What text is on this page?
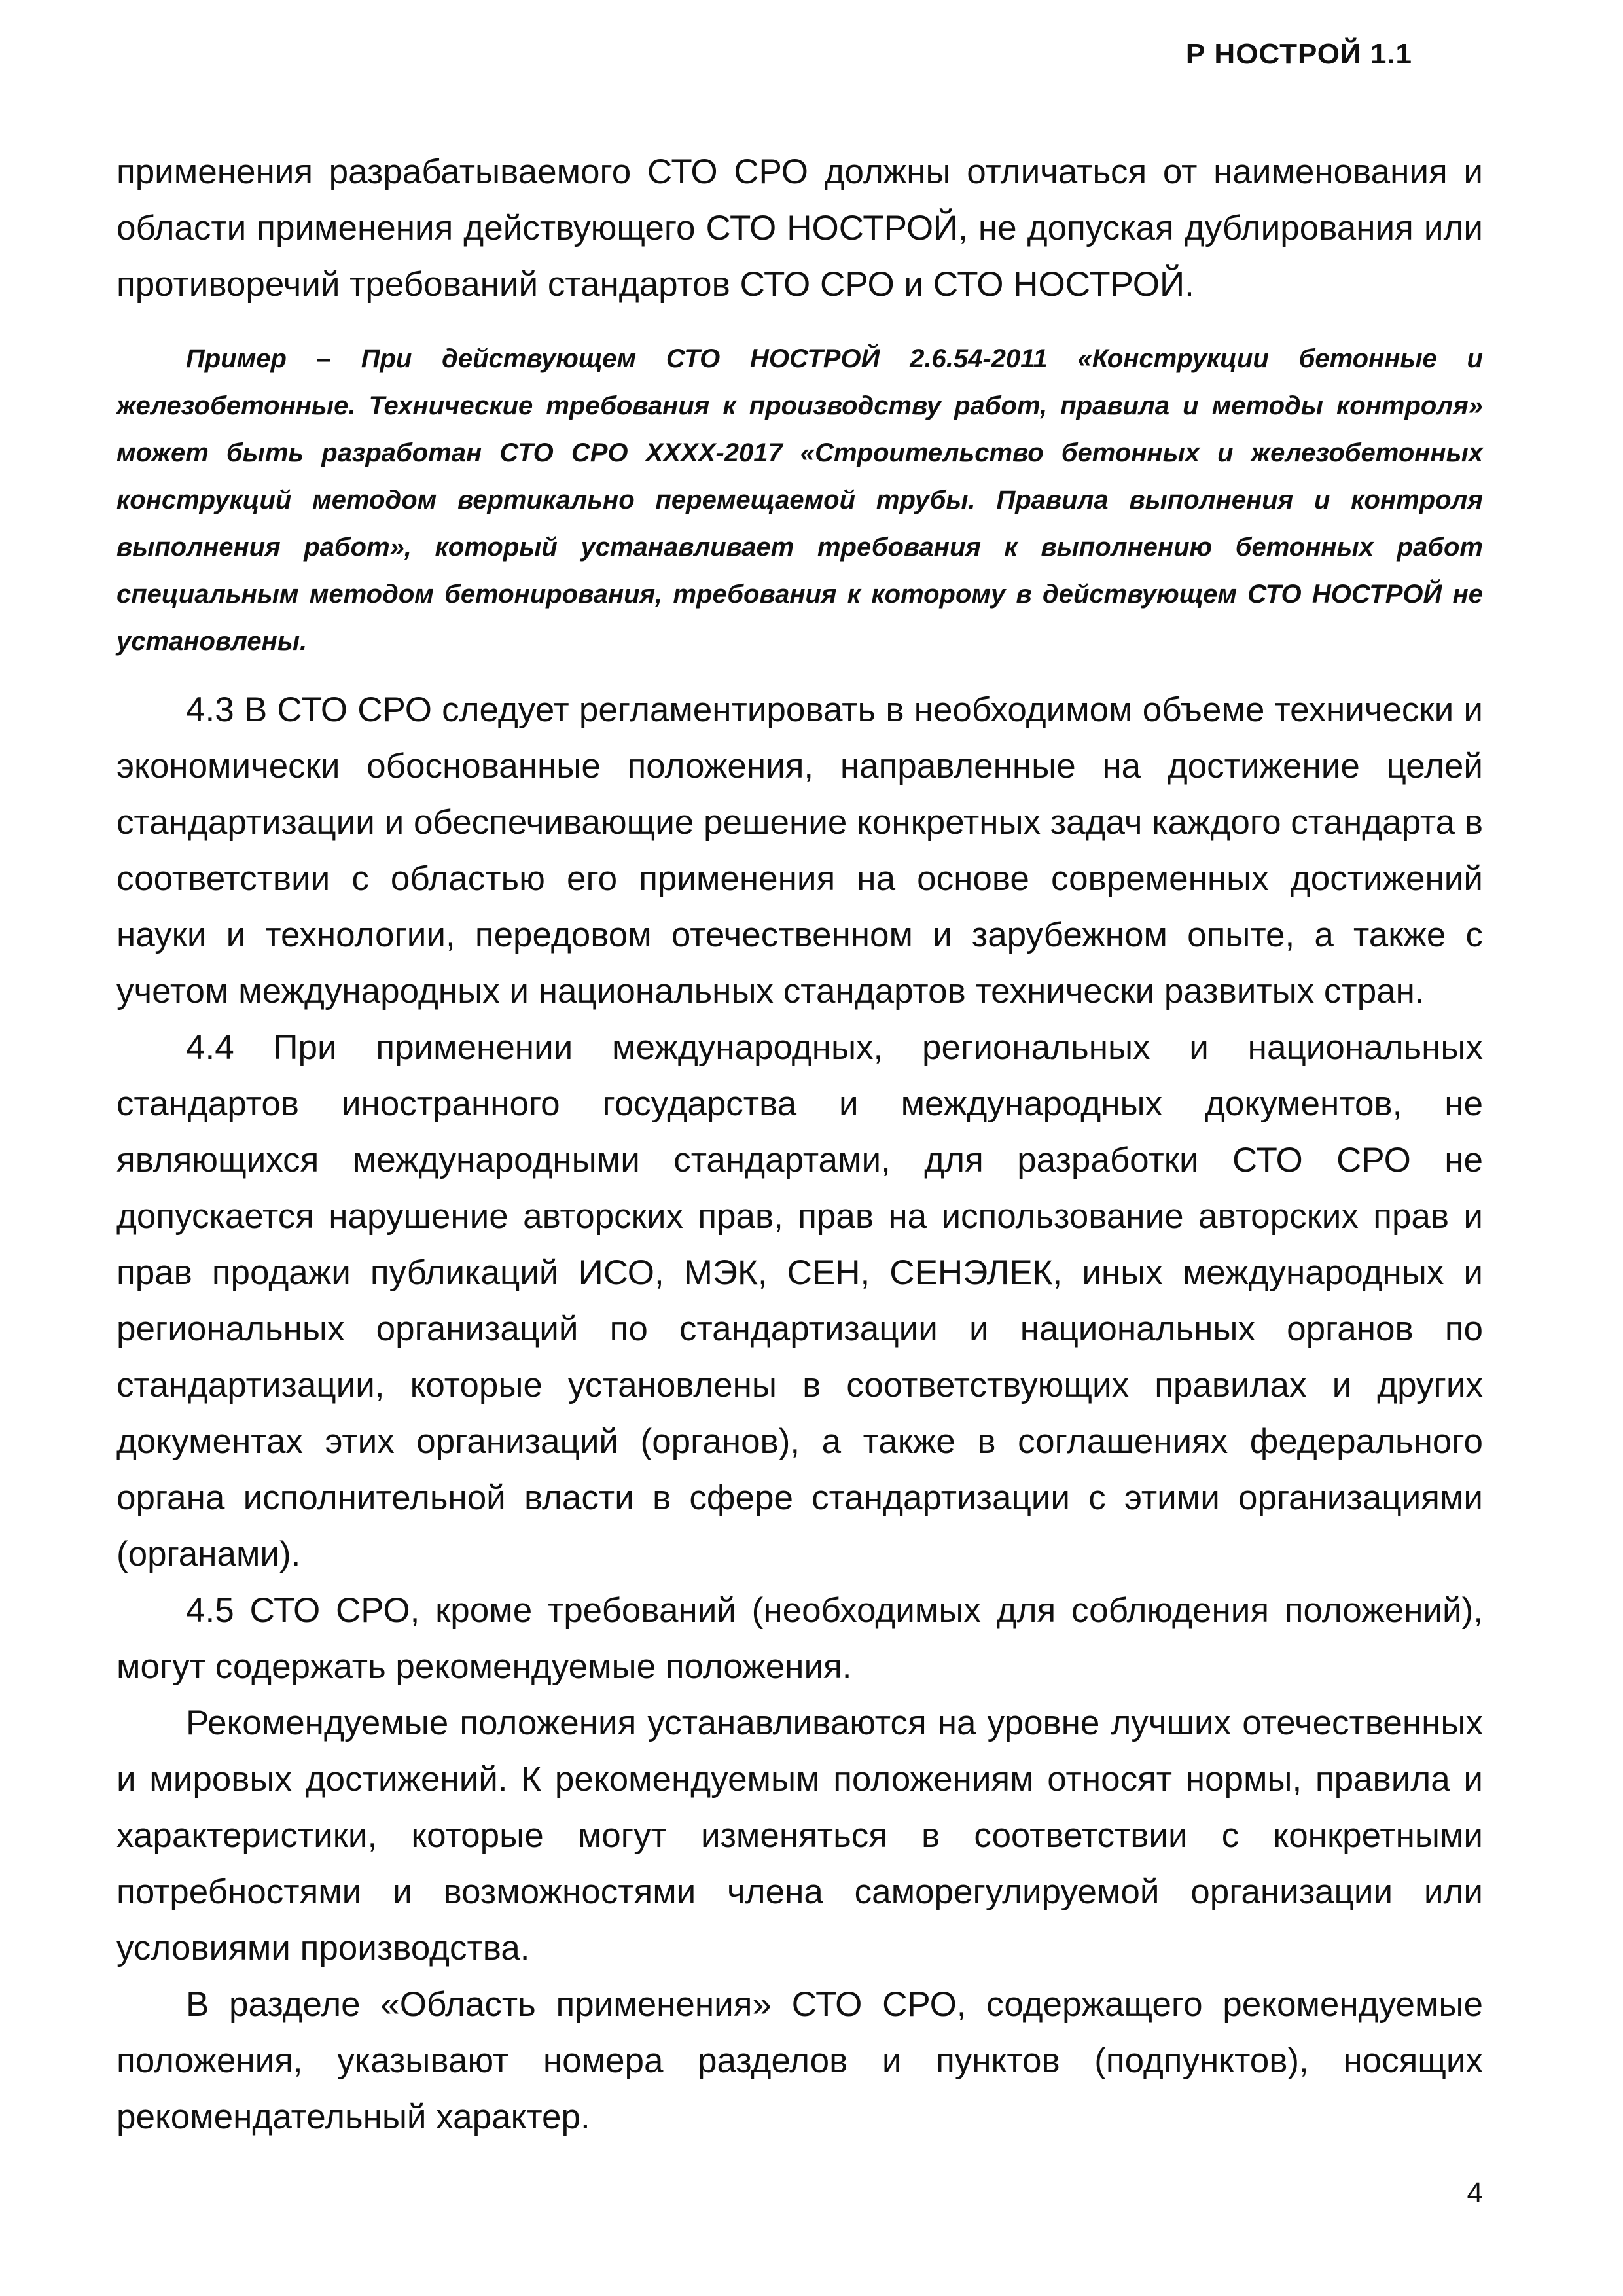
Р НОСТРОЙ 1.1

применения разрабатываемого СТО СРО должны отличаться от наименования и области применения действующего СТО НОСТРОЙ, не допуская дублирования или противоречий требований стандартов СТО СРО и СТО НОСТРОЙ.

Пример – При действующем СТО НОСТРОЙ 2.6.54-2011 «Конструкции бетонные и железобетонные. Технические требования к производству работ, правила и методы контроля» может быть разработан СТО СРО ХХХХ-2017 «Строительство бетонных и железобетонных конструкций методом вертикально перемещаемой трубы. Правила выполнения и контроля выполнения работ», который устанавливает требования к выполнению бетонных работ специальным методом бетонирования, требования к которому в действующем СТО НОСТРОЙ не установлены.

4.3 В СТО СРО следует регламентировать в необходимом объеме технически и экономически обоснованные положения, направленные на достижение целей стандартизации и обеспечивающие решение конкретных задач каждого стандарта в соответствии с областью его применения на основе современных достижений науки и технологии, передовом отечественном и зарубежном опыте, а также с учетом международных и национальных стандартов технически развитых стран.

4.4 При применении международных, региональных и национальных стандартов иностранного государства и международных документов, не являющихся международными стандартами, для разработки СТО СРО не допускается нарушение авторских прав, прав на использование авторских прав и прав продажи публикаций ИСО, МЭК, СЕН, СЕНЭЛЕК, иных международных и региональных организаций по стандартизации и национальных органов по стандартизации, которые установлены в соответствующих правилах и других документах этих организаций (органов), а также в соглашениях федерального органа исполнительной власти в сфере стандартизации с этими организациями (органами).

4.5 СТО СРО, кроме требований (необходимых для соблюдения положений), могут содержать рекомендуемые положения.

Рекомендуемые положения устанавливаются на уровне лучших отечественных и мировых достижений. К рекомендуемым положениям относят нормы, правила и характеристики, которые могут изменяться в соответствии с конкретными потребностями и возможностями члена саморегулируемой организации или условиями производства.

В разделе «Область применения» СТО СРО, содержащего рекомендуемые положения, указывают номера разделов и пунктов (подпунктов), носящих рекомендательный характер.

4
